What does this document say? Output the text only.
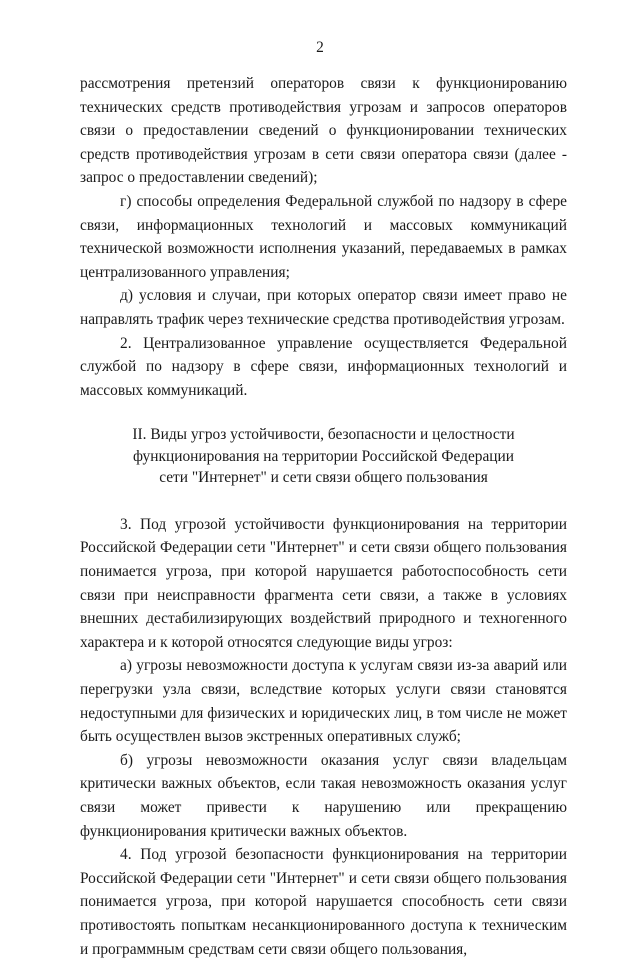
2

рассмотрения претензий операторов связи к функционированию технических средств противодействия угрозам и запросов операторов связи о предоставлении сведений о функционировании технических средств противодействия угрозам в сети связи оператора связи (далее - запрос о предоставлении сведений);

г) способы определения Федеральной службой по надзору в сфере связи, информационных технологий и массовых коммуникаций технической возможности исполнения указаний, передаваемых в рамках централизованного управления;

д) условия и случаи, при которых оператор связи имеет право не направлять трафик через технические средства противодействия угрозам.

2. Централизованное управление осуществляется Федеральной службой по надзору в сфере связи, информационных технологий и массовых коммуникаций.

II. Виды угроз устойчивости, безопасности и целостности
функционирования на территории Российской Федерации
сети "Интернет" и сети связи общего пользования

3. Под угрозой устойчивости функционирования на территории Российской Федерации сети "Интернет" и сети связи общего пользования понимается угроза, при которой нарушается работоспособность сети связи при неисправности фрагмента сети связи, а также в условиях внешних дестабилизирующих воздействий природного и техногенного характера и к которой относятся следующие виды угроз:

а) угрозы невозможности доступа к услугам связи из-за аварий или перегрузки узла связи, вследствие которых услуги связи становятся недоступными для физических и юридических лиц, в том числе не может быть осуществлен вызов экстренных оперативных служб;

б) угрозы невозможности оказания услуг связи владельцам критически важных объектов, если такая невозможность оказания услуг связи может привести к нарушению или прекращению функционирования критически важных объектов.

4. Под угрозой безопасности функционирования на территории Российской Федерации сети "Интернет" и сети связи общего пользования понимается угроза, при которой нарушается способность сети связи противостоять попыткам несанкционированного доступа к техническим и программным средствам сети связи общего пользования,
